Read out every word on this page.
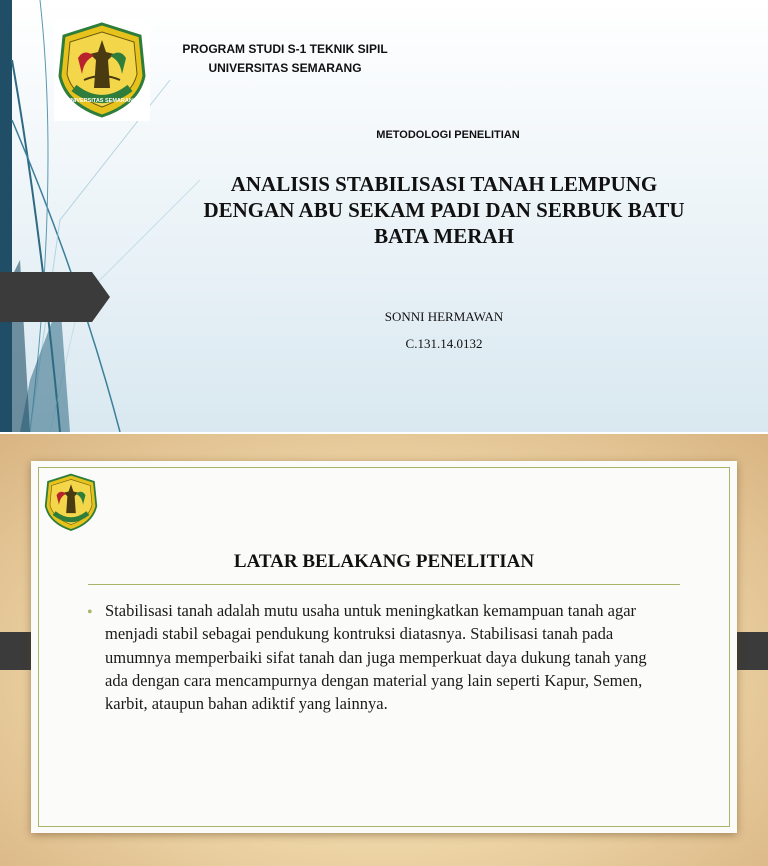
UNIVERSITAS SEMARANG
PROGRAM STUDI S-1 TEKNIK SIPIL
UNIVERSITAS SEMARANG
METODOLOGI PENELITIAN
ANALISIS STABILISASI TANAH LEMPUNG DENGAN ABU SEKAM PADI DAN SERBUK BATU BATA MERAH
SONNI HERMAWAN
C.131.14.0132
LATAR BELAKANG PENELITIAN
• Stabilisasi tanah adalah mutu usaha untuk meningkatkan kemampuan tanah agar menjadi stabil sebagai pendukung kontruksi diatasnya. Stabilisasi tanah pada umumnya memperbaiki sifat tanah dan juga memperkuat daya dukung tanah yang ada dengan cara mencampurnya dengan material yang lain seperti Kapur, Semen, karbit, ataupun bahan adiktif yang lainnya.
